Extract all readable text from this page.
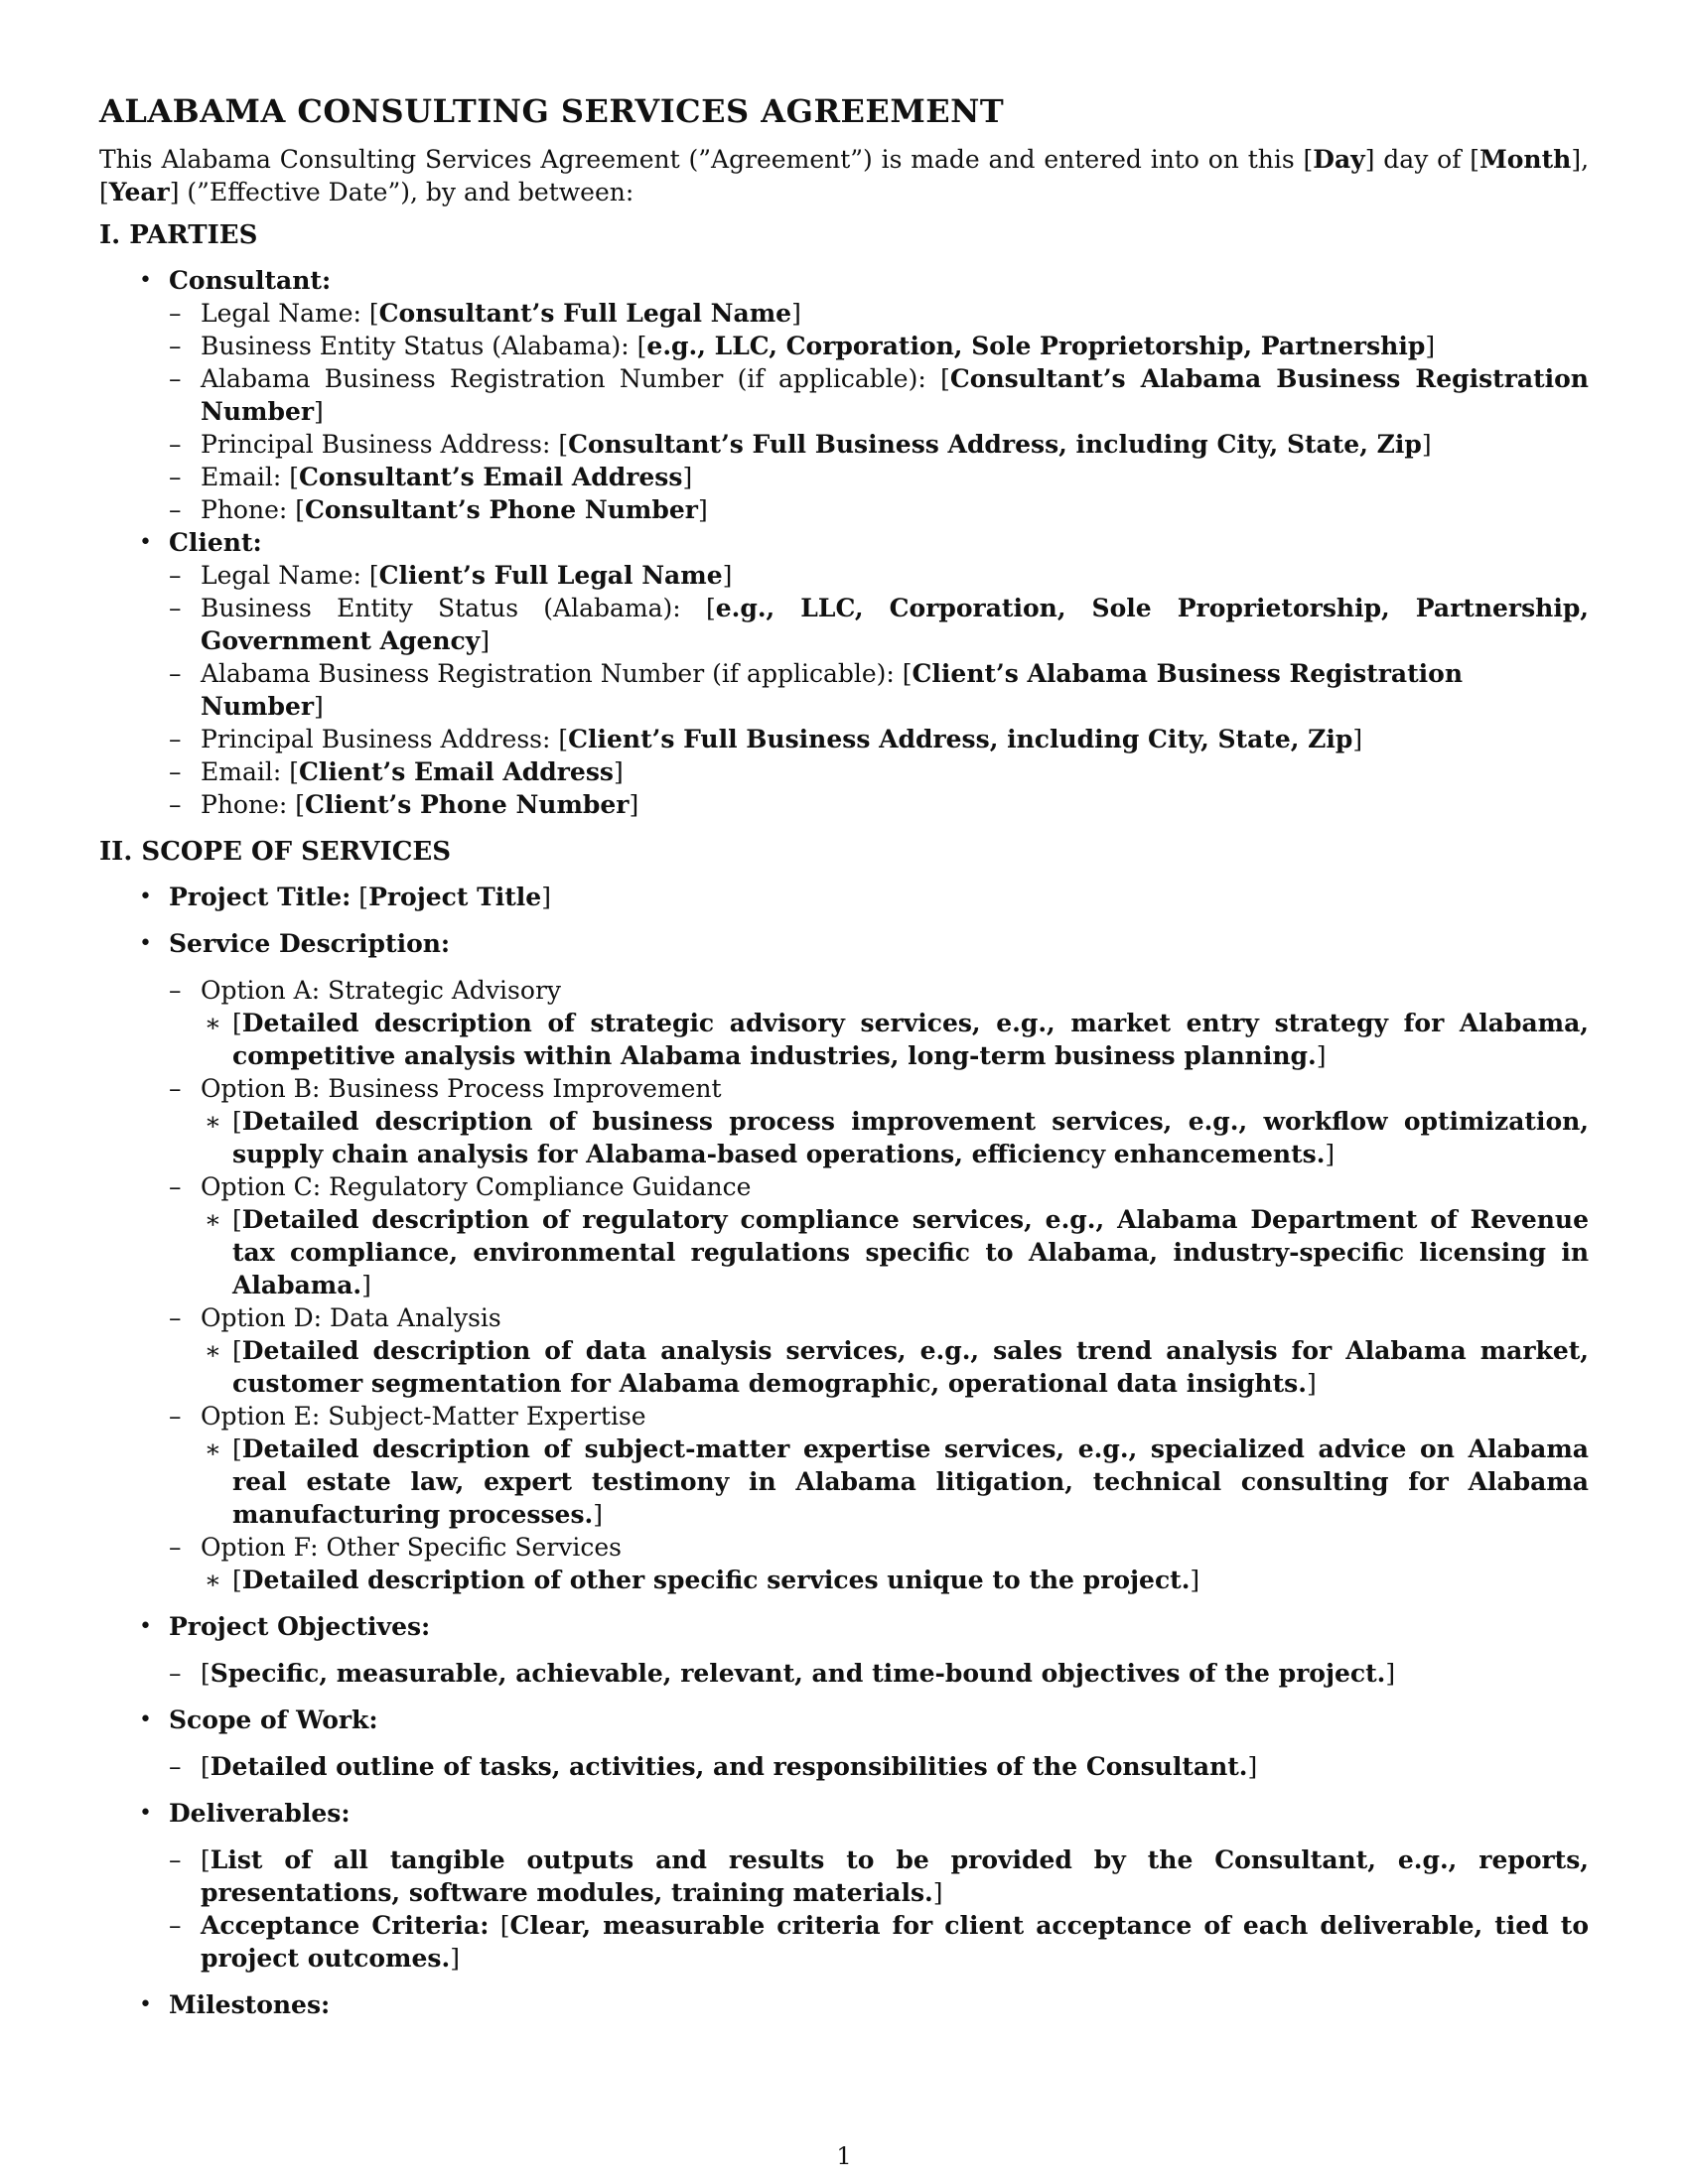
ALABAMA CONSULTING SERVICES AGREEMENT

This Alabama Consulting Services Agreement (”Agreement”) is made and entered into on this [Day] day of [Month], [Year] (”Effective Date”), by and between:

I. PARTIES
• Consultant:
– Legal Name: [Consultant’s Full Legal Name]
– Business Entity Status (Alabama): [e.g., LLC, Corporation, Sole Proprietorship, Partnership]
– Alabama Business Registration Number (if applicable): [Consultant’s Alabama Business Registration Number]
– Principal Business Address: [Consultant’s Full Business Address, including City, State, Zip]
– Email: [Consultant’s Email Address]
– Phone: [Consultant’s Phone Number]
• Client:
– Legal Name: [Client’s Full Legal Name]
– Business Entity Status (Alabama): [e.g., LLC, Corporation, Sole Proprietorship, Partnership, Government Agency]
– Alabama Business Registration Number (if applicable): [Client’s Alabama Business Registration Number]
– Principal Business Address: [Client’s Full Business Address, including City, State, Zip]
– Email: [Client’s Email Address]
– Phone: [Client’s Phone Number]
II. SCOPE OF SERVICES
• Project Title: [Project Title]
• Service Description:
– Option A: Strategic Advisory
∗ [Detailed description of strategic advisory services, e.g., market entry strategy for Alabama, competitive analysis within Alabama industries, long-term business planning.]
– Option B: Business Process Improvement
∗ [Detailed description of business process improvement services, e.g., workflow optimization, supply chain analysis for Alabama-based operations, efficiency enhancements.]
– Option C: Regulatory Compliance Guidance
∗ [Detailed description of regulatory compliance services, e.g., Alabama Department of Revenue tax compliance, environmental regulations specific to Alabama, industry-specific licensing in Alabama.]
– Option D: Data Analysis
∗ [Detailed description of data analysis services, e.g., sales trend analysis for Alabama market, customer segmentation for Alabama demographic, operational data insights.]
– Option E: Subject-Matter Expertise
∗ [Detailed description of subject-matter expertise services, e.g., specialized advice on Alabama real estate law, expert testimony in Alabama litigation, technical consulting for Alabama manufacturing processes.]
– Option F: Other Specific Services
∗ [Detailed description of other specific services unique to the project.]
• Project Objectives:
– [Specific, measurable, achievable, relevant, and time-bound objectives of the project.]
• Scope of Work:
– [Detailed outline of tasks, activities, and responsibilities of the Consultant.]
• Deliverables:
– [List of all tangible outputs and results to be provided by the Consultant, e.g., reports, presentations, software modules, training materials.]
– Acceptance Criteria: [Clear, measurable criteria for client acceptance of each deliverable, tied to project outcomes.]
• Milestones:
1
